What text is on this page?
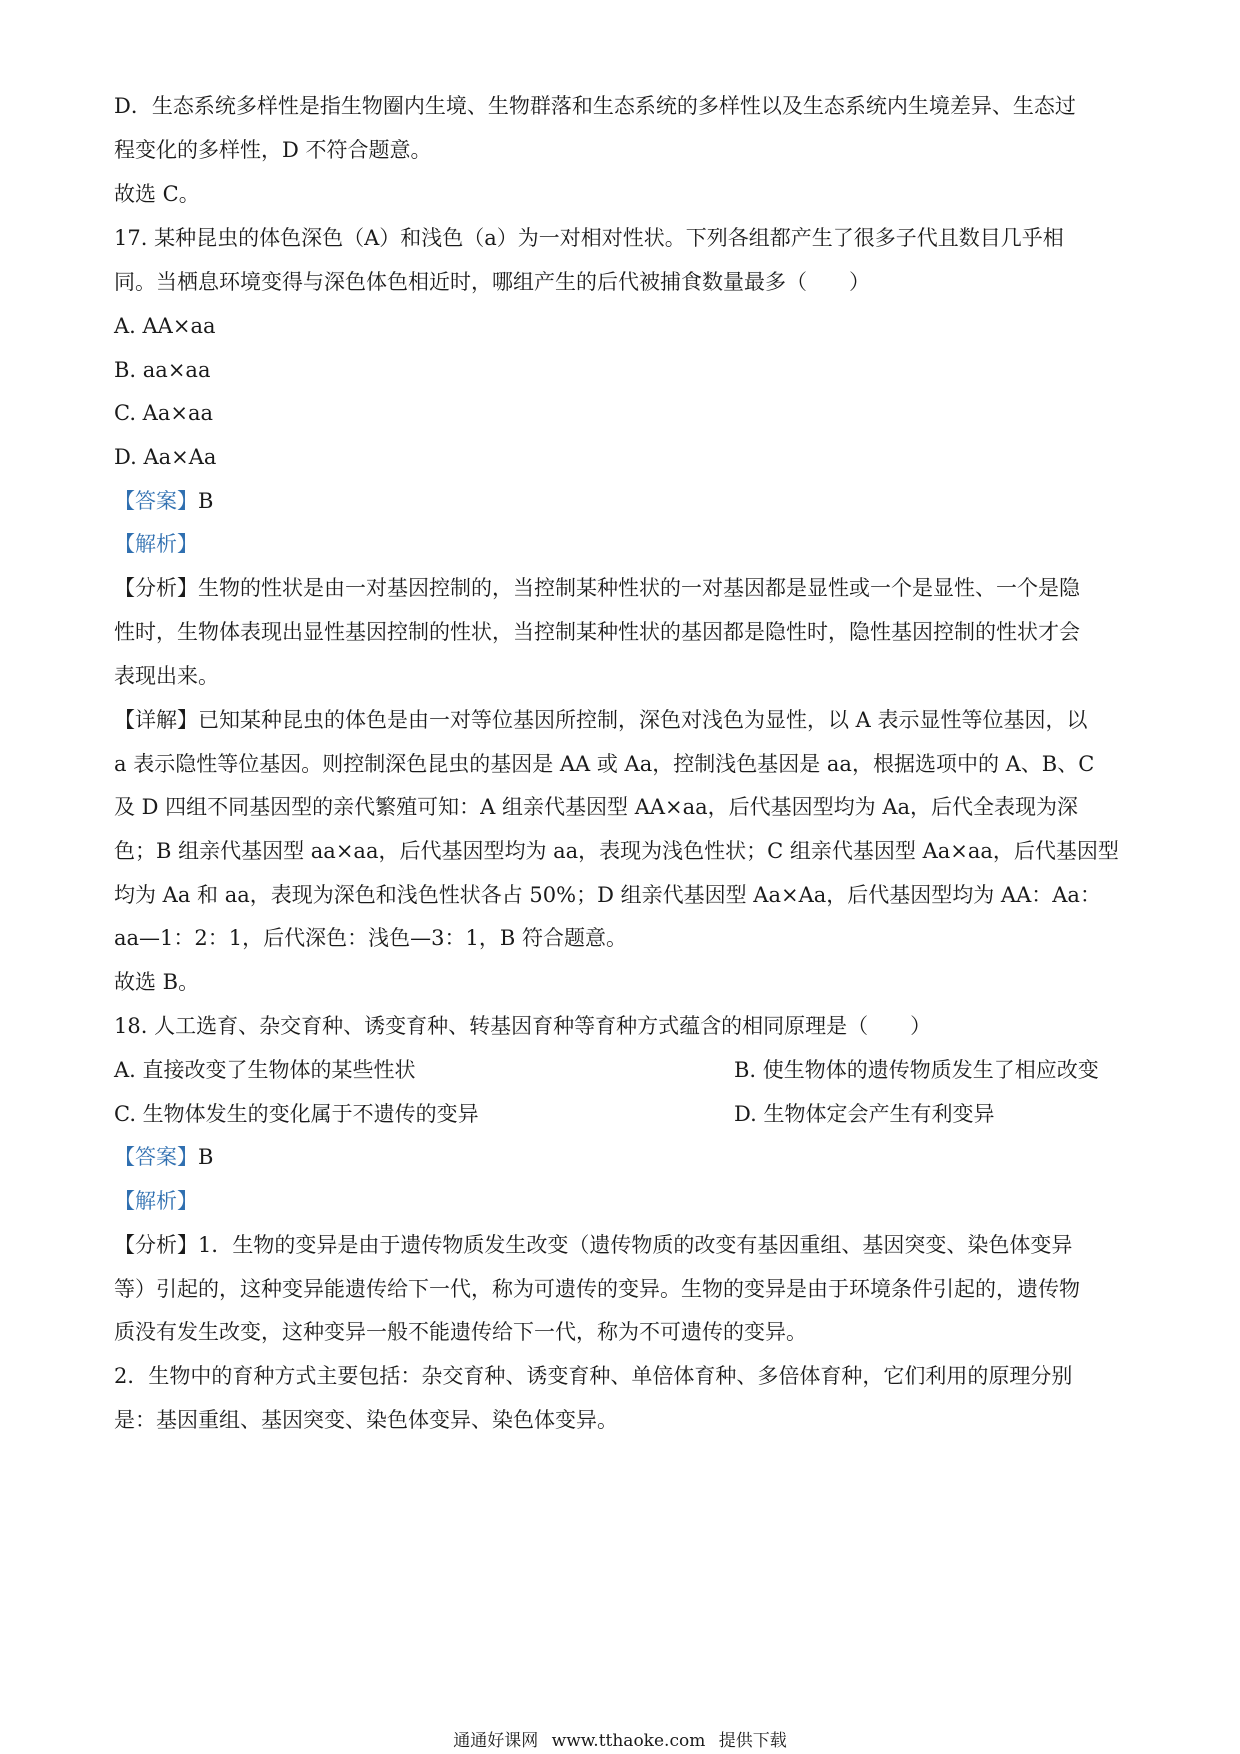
D．生态系统多样性是指生物圈内生境、生物群落和生态系统的多样性以及生态系统内生境差异、生态过
程变化的多样性，D 不符合题意。
故选 C。
17. 某种昆虫的体色深色（A）和浅色（a）为一对相对性状。下列各组都产生了很多子代且数目几乎相
同。当栖息环境变得与深色体色相近时，哪组产生的后代被捕食数量最多（　　）
A. AA×aa
B. aa×aa
C. Aa×aa
D. Aa×Aa
【答案】B
【解析】
【分析】生物的性状是由一对基因控制的，当控制某种性状的一对基因都是显性或一个是显性、一个是隐
性时，生物体表现出显性基因控制的性状，当控制某种性状的基因都是隐性时，隐性基因控制的性状才会
表现出来。
【详解】已知某种昆虫的体色是由一对等位基因所控制，深色对浅色为显性，以 A 表示显性等位基因，以
a 表示隐性等位基因。则控制深色昆虫的基因是 AA 或 Aa，控制浅色基因是 aa，根据选项中的 A、B、C
及 D 四组不同基因型的亲代繁殖可知：A 组亲代基因型 AA×aa，后代基因型均为 Aa，后代全表现为深
色；B 组亲代基因型 aa×aa，后代基因型均为 aa，表现为浅色性状；C 组亲代基因型 Aa×aa，后代基因型
均为 Aa 和 aa，表现为深色和浅色性状各占 50%；D 组亲代基因型 Aa×Aa，后代基因型均为 AA：Aa：
aa—1：2：1，后代深色：浅色—3：1，B 符合题意。
故选 B。
18. 人工选育、杂交育种、诱变育种、转基因育种等育种方式蕴含的相同原理是（　　）
A. 直接改变了生物体的某些性状	B. 使生物体的遗传物质发生了相应改变
C. 生物体发生的变化属于不遗传的变异	D. 生物体定会产生有利变异
【答案】B
【解析】
【分析】1．生物的变异是由于遗传物质发生改变（遗传物质的改变有基因重组、基因突变、染色体变异
等）引起的，这种变异能遗传给下一代，称为可遗传的变异。生物的变异是由于环境条件引起的，遗传物
质没有发生改变，这种变异一般不能遗传给下一代，称为不可遗传的变异。
2．生物中的育种方式主要包括：杂交育种、诱变育种、单倍体育种、多倍体育种，它们利用的原理分别
是：基因重组、基因突变、染色体变异、染色体变异。
通通好课网 www.tthaoke.com 提供下载
